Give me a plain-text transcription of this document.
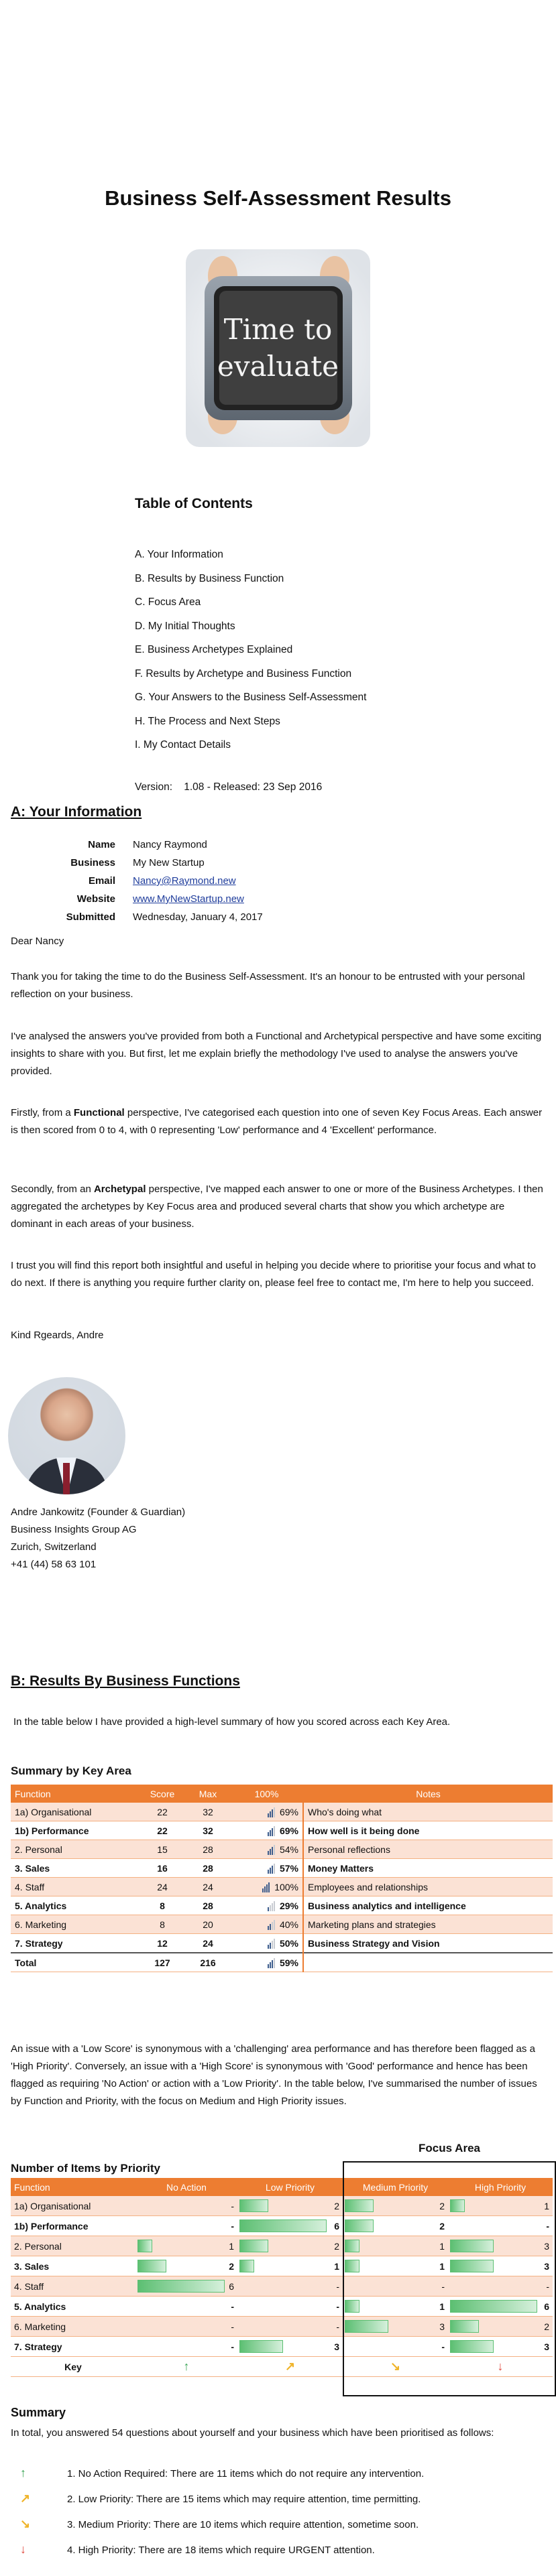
Business Self-Assessment Results
Time to
evaluate
Table of Contents
A. Your Information
B. Results by Business Function
C. Focus Area
D. My Initial Thoughts
E. Business Archetypes Explained
F. Results by Archetype and Business Function
G. Your Answers to the Business Self-Assessment
H. The Process and Next Steps
I. My Contact Details
Version:    1.08 - Released: 23 Sep 2016
A: Your Information
Name	Nancy Raymond
Business	My New Startup
Email	Nancy@Raymond.new
Website	www.MyNewStartup.new
Submitted	Wednesday, January 4, 2017
Dear Nancy
Thank you for taking the time to do the Business Self-Assessment. It's an honour to be entrusted with your personal reflection on your business.
I've analysed the answers you've provided from both a Functional and Archetypical perspective and have some exciting insights to share with you. But first, let me explain briefly the methodology I've used to analyse the answers you've provided.
Firstly, from a Functional perspective, I've categorised each question into one of seven Key Focus Areas. Each answer is then scored from 0 to 4, with 0 representing 'Low' performance and 4 'Excellent' performance.
Secondly, from an Archetypal perspective, I've mapped each answer to one or more of the Business Archetypes. I then aggregated the archetypes by Key Focus area and produced several charts that show you which archetype are dominant in each areas of your business.
I trust you will find this report both insightful and useful in helping you decide where to prioritise your focus and what to do next. If there is anything you require further clarity on, please feel free to contact me, I'm here to help you succeed.
Kind Rgeards, Andre
Andre Jankowitz (Founder & Guardian)
Business Insights Group AG
Zurich, Switzerland
+41 (44) 58 63 101
B: Results By Business Functions
In the table below I have provided a high-level summary of how you scored across each Key Area.
Summary by Key Area
Function	Score	Max	100%	Notes
1a) Organisational	22	32	69%	Who's doing what
1b) Performance	22	32	69%	How well is it being done
2. Personal	15	28	54%	Personal reflections
3. Sales	16	28	57%	Money Matters
4. Staff	24	24	100%	Employees and relationships
5. Analytics	8	28	29%	Business analytics and intelligence
6. Marketing	8	20	40%	Marketing plans and strategies
7. Strategy	12	24	50%	Business Strategy and Vision
Total	127	216	59%	
An issue with a 'Low Score' is synonymous with a 'challenging' area performance and has therefore been flagged as a 'High Priority'. Conversely, an issue with a 'High Score' is synonymous with 'Good' performance and hence has been flagged as requiring 'No Action' or action with a 'Low Priority'. In the table below, I've summarised the number of issues by Function and Priority, with the focus on Medium and High Priority issues.
Focus Area
Number of Items by Priority
Function	No Action	Low Priority	Medium Priority	High Priority
1a) Organisational	-	2	2	1
1b) Performance	-	6	2	-
2. Personal	1	2	1	3
3. Sales	2	1	1	3
4. Staff	6	-	-	-
5. Analytics	-	-	1	6
6. Marketing	-	-	3	2
7. Strategy	-	3	-	3
Key	↑	↗	↘	↓
Summary
In total, you answered 54 questions about yourself and your business which have been prioritised as follows:
↑	1. No Action Required: There are 11 items which do not require any intervention.
↗	2. Low Priority: There are 15 items which may require attention, time permitting.
↘	3. Medium Priority: There are 10 items which require attention, sometime soon.
↓	4. High Priority: There are 18 items which require URGENT attention.
